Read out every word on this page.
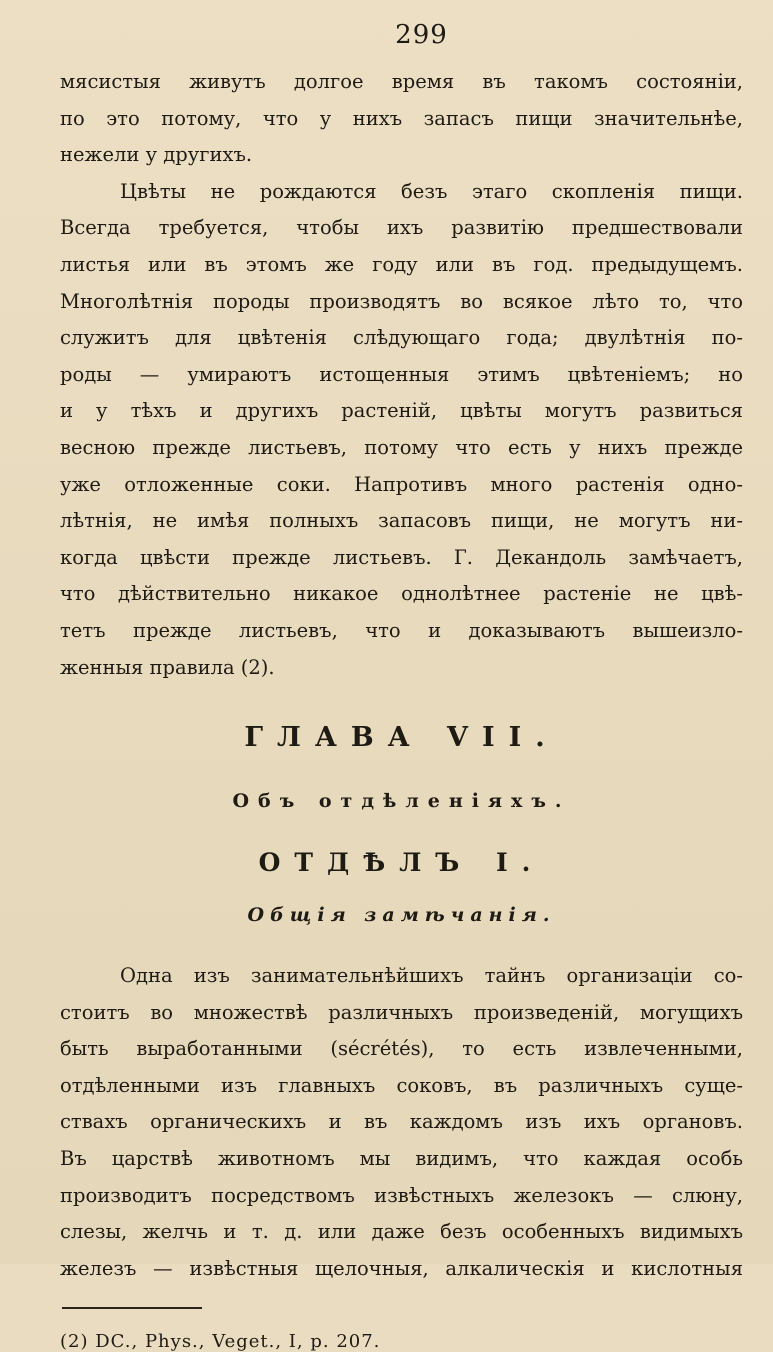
299
мясистыя живутъ долгое время въ такомъ состояніи,
по это потому, что у нихъ запасъ пищи значительнѣе,
нежели у другихъ.
Цвѣты не рождаются безъ этаго скопленія пищи.
Всегда требуется, чтобы ихъ развитію предшествовали
листья или въ этомъ же году или въ год. предыдущемъ.
Многолѣтнія породы производятъ во всякое лѣто то, что
служитъ для цвѣтенія слѣдующаго года; двулѣтнія по-
роды — умираютъ истощенныя этимъ цвѣтеніемъ; но
и у тѣхъ и другихъ растеній, цвѣты могутъ развиться
весною прежде листьевъ, потому что есть у нихъ прежде
уже отложенные соки. Напротивъ много растенія одно-
лѣтнія, не имѣя полныхъ запасовъ пищи, не могутъ ни-
когда цвѣсти прежде листьевъ. Г. Декандоль замѣчаетъ,
что дѣйствительно никакое однолѣтнее растеніе не цвѣ-
тетъ прежде листьевъ, что и доказываютъ вышеизло-
женныя правила (2).
ГЛАВА VII.
Объ отдѣленіяхъ.
ОТДѢЛЪ I.
Общія замѣчанія.
Одна изъ занимательнѣйшихъ тайнъ организаціи со-
стоитъ во множествѣ различныхъ произведеній, могущихъ
быть выработанными (sécrétés), то есть извлеченными,
отдѣленными изъ главныхъ соковъ, въ различныхъ суще-
ствахъ органическихъ и въ каждомъ изъ ихъ органовъ.
Въ царствѣ животномъ мы видимъ, что каждая особь
производитъ посредствомъ извѣстныхъ железокъ — слюну,
слезы, желчь и т. д. или даже безъ особенныхъ видимыхъ
железъ — извѣстныя щелочныя, алкалическія и кислотныя

(2) DC., Phys., Veget., I, p. 207.
